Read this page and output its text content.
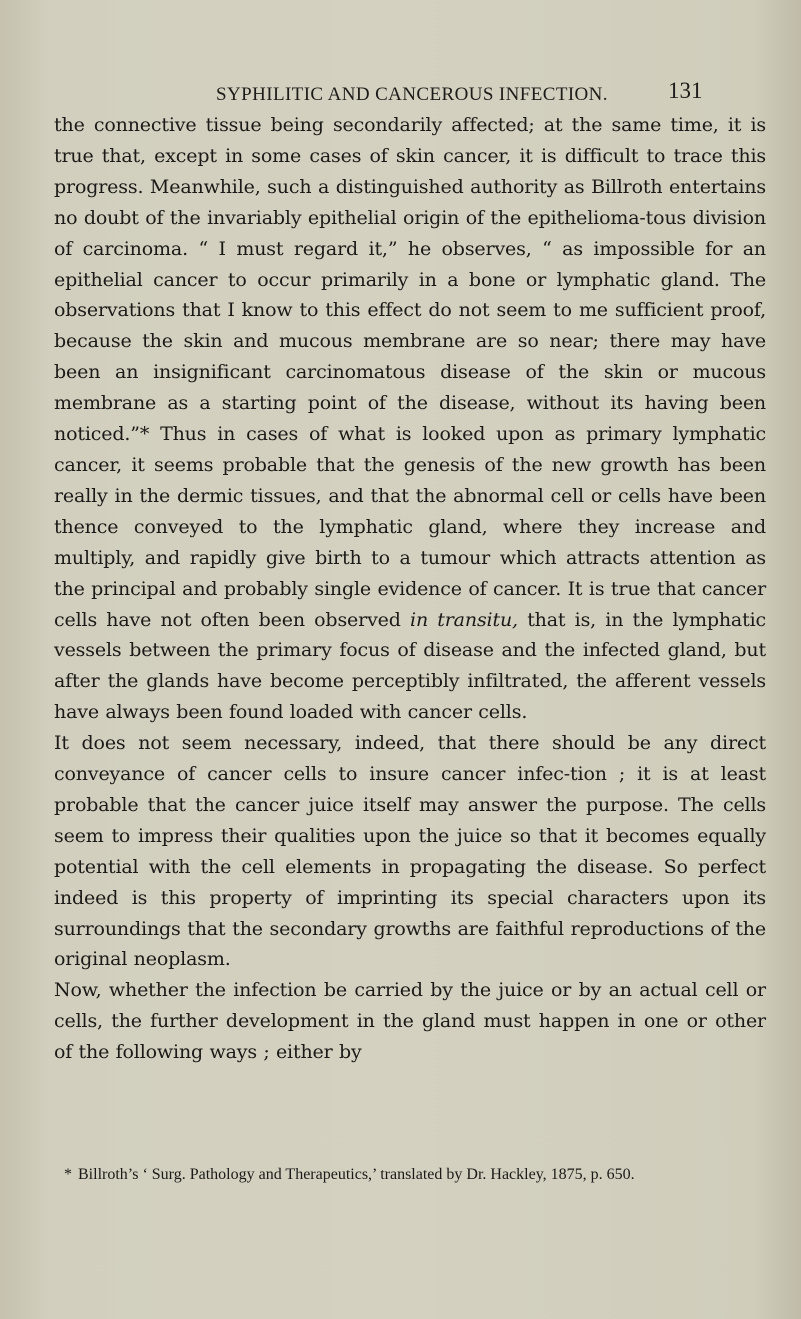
SYPHILITIC AND CANCEROUS INFECTION.	131

the connective tissue being secondarily affected; at the same time, it is true that, except in some cases of skin cancer, it is difficult to trace this progress. Meanwhile, such a distinguished authority as Billroth entertains no doubt of the invariably epithelial origin of the epithelioma-tous division of carcinoma. “ I must regard it,” he observes, “ as impossible for an epithelial cancer to occur primarily in a bone or lymphatic gland. The observations that I know to this effect do not seem to me sufficient proof, because the skin and mucous membrane are so near; there may have been an insignificant carcinomatous disease of the skin or mucous membrane as a starting point of the disease, without its having been noticed.”* Thus in cases of what is looked upon as primary lymphatic cancer, it seems probable that the genesis of the new growth has been really in the dermic tissues, and that the abnormal cell or cells have been thence conveyed to the lymphatic gland, where they increase and multiply, and rapidly give birth to a tumour which attracts attention as the principal and probably single evidence of cancer. It is true that cancer cells have not often been observed in transitu, that is, in the lymphatic vessels between the primary focus of disease and the infected gland, but after the glands have become perceptibly infiltrated, the afferent vessels have always been found loaded with cancer cells.

It does not seem necessary, indeed, that there should be any direct conveyance of cancer cells to insure cancer infec-tion ; it is at least probable that the cancer juice itself may answer the purpose. The cells seem to impress their qualities upon the juice so that it becomes equally potential with the cell elements in propagating the disease. So perfect indeed is this property of imprinting its special characters upon its surroundings that the secondary growths are faithful reproductions of the original neoplasm.

Now, whether the infection be carried by the juice or by an actual cell or cells, the further development in the gland must happen in one or other of the following ways ; either by

* Billroth’s ‘ Surg. Pathology and Therapeutics,’ translated by Dr. Hackley, 1875, p. 650.
